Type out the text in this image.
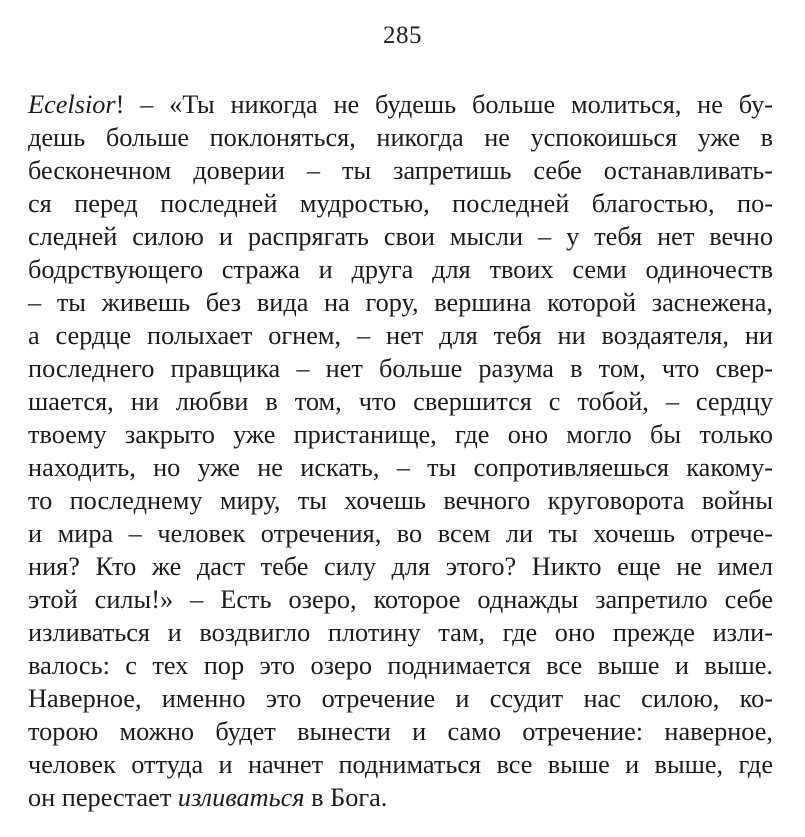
285
Ecelsior! – «Ты никогда не будешь больше молиться, не бу-
дешь больше поклоняться, никогда не успокоишься уже в
бесконечном доверии – ты запретишь себе останавливать-
ся перед последней мудростью, последней благостью, по-
следней силою и распрягать свои мысли – у тебя нет вечно
бодрствующего стража и друга для твоих семи одиночеств
– ты живешь без вида на гору, вершина которой заснежена,
а сердце полыхает огнем, – нет для тебя ни воздаятеля, ни
последнего правщика – нет больше разума в том, что свер-
шается, ни любви в том, что свершится с тобой, – сердцу
твоему закрыто уже пристанище, где оно могло бы только
находить, но уже не искать, – ты сопротивляешься какому-
то последнему миру, ты хочешь вечного круговорота войны
и мира – человек отречения, во всем ли ты хочешь отрече-
ния? Кто же даст тебе силу для этого? Никто еще не имел
этой силы!» – Есть озеро, которое однажды запретило себе
изливаться и воздвигло плотину там, где оно прежде изли-
валось: с тех пор это озеро поднимается все выше и выше.
Наверное, именно это отречение и ссудит нас силою, ко-
торою можно будет вынести и само отречение: наверное,
человек оттуда и начнет подниматься все выше и выше, где
он перестает изливаться в Бога.
